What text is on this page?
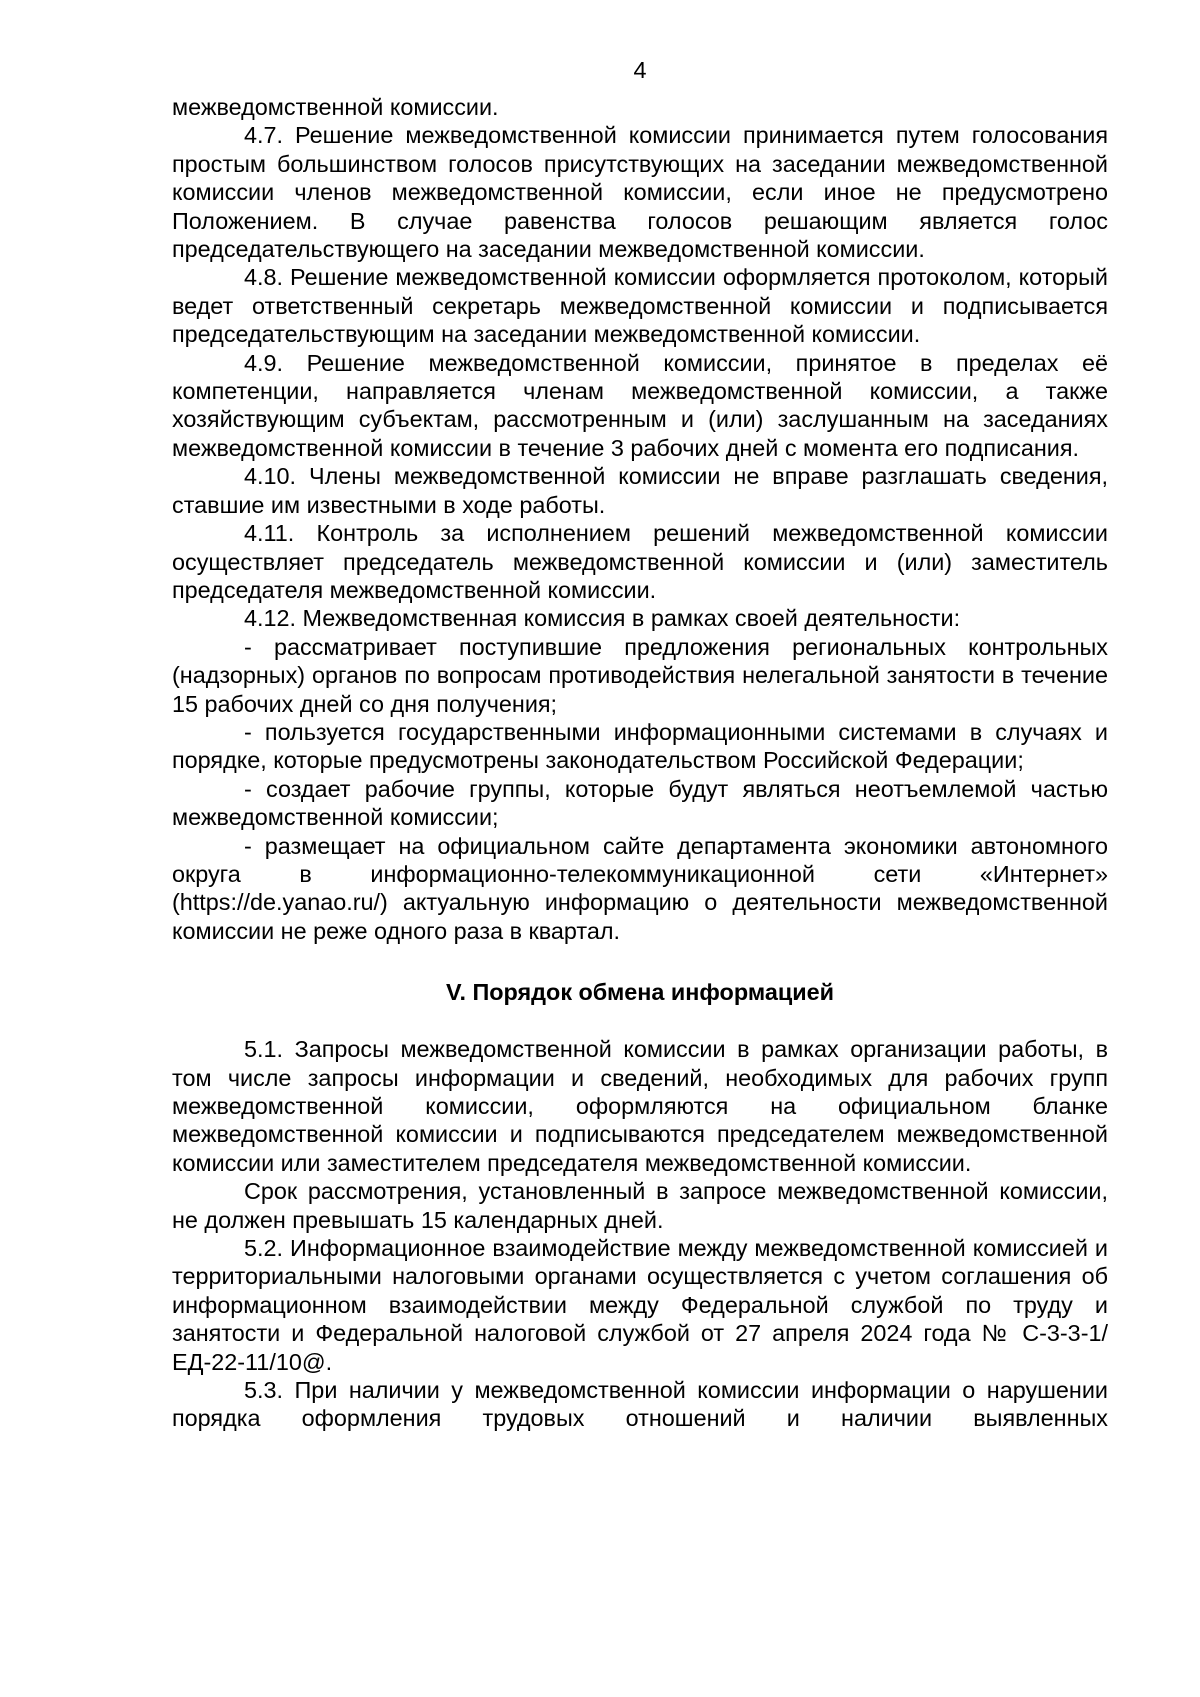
4

межведомственной комиссии.

4.7. Решение межведомственной комиссии принимается путем голосования простым большинством голосов присутствующих на заседании межведомственной комиссии членов межведомственной комиссии, если иное не предусмотрено Положением. В случае равенства голосов решающим является голос председательствующего на заседании межведомственной комиссии.

4.8. Решение межведомственной комиссии оформляется протоколом, который ведет ответственный секретарь межведомственной комиссии и подписывается председательствующим на заседании межведомственной комиссии.

4.9. Решение межведомственной комиссии, принятое в пределах её компетенции, направляется членам межведомственной комиссии, а также хозяйствующим субъектам, рассмотренным и (или) заслушанным на заседаниях межведомственной комиссии в течение 3 рабочих дней с момента его подписания.

4.10. Члены межведомственной комиссии не вправе разглашать сведения, ставшие им известными в ходе работы.

4.11. Контроль за исполнением решений межведомственной комиссии осуществляет председатель межведомственной комиссии и (или) заместитель председателя межведомственной комиссии.

4.12. Межведомственная комиссия в рамках своей деятельности:

- рассматривает поступившие предложения региональных контрольных (надзорных) органов по вопросам противодействия нелегальной занятости в течение 15 рабочих дней со дня получения;

- пользуется государственными информационными системами в случаях и порядке, которые предусмотрены законодательством Российской Федерации;

- создает рабочие группы, которые будут являться неотъемлемой частью межведомственной комиссии;

- размещает на официальном сайте департамента экономики автономного округа в информационно-телекоммуникационной сети «Интернет» (https://de.yanao.ru/) актуальную информацию о деятельности межведомственной комиссии не реже одного раза в квартал.

V. Порядок обмена информацией

5.1. Запросы межведомственной комиссии в рамках организации работы, в том числе запросы информации и сведений, необходимых для рабочих групп межведомственной комиссии, оформляются на официальном бланке межведомственной комиссии и подписываются председателем межведомственной комиссии или заместителем председателя межведомственной комиссии.

Срок рассмотрения, установленный в запросе межведомственной комиссии, не должен превышать 15 календарных дней.

5.2. Информационное взаимодействие между межведомственной комиссией и территориальными налоговыми органами осуществляется с учетом соглашения об информационном взаимодействии между Федеральной службой по труду и занятости и Федеральной налоговой службой от 27 апреля 2024 года № С-3-3-1/ЕД-22-11/10@.

5.3. При наличии у межведомственной комиссии информации о нарушении порядка оформления трудовых отношений и наличии выявленных
